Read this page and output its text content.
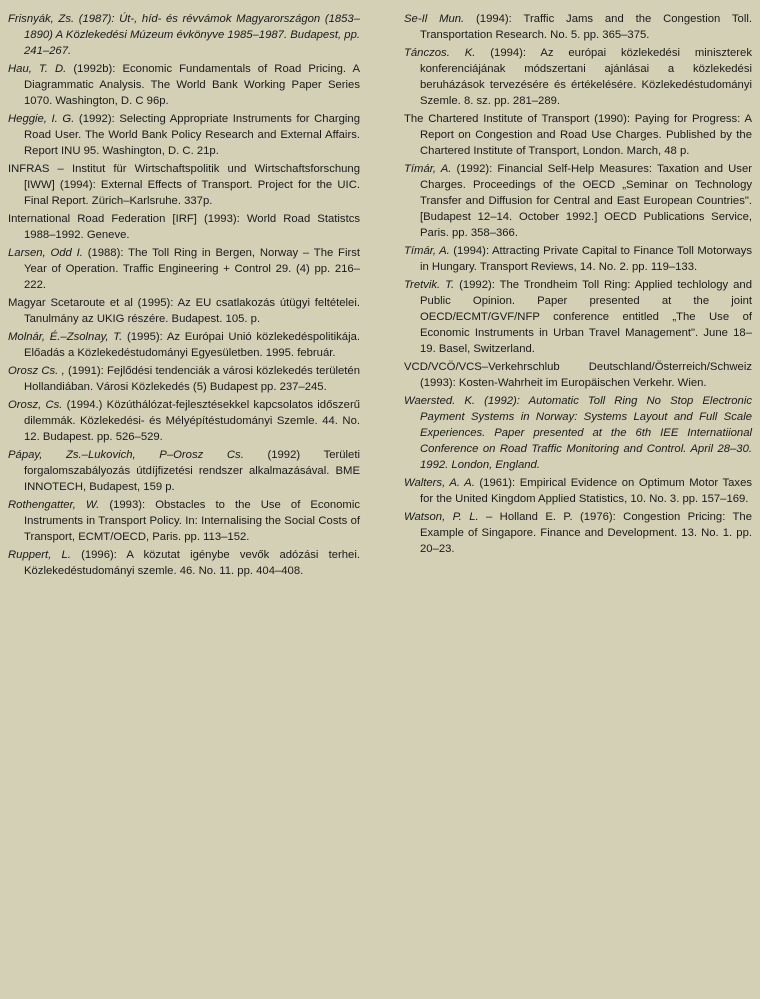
Frisnyák, Zs. (1987): Út-, híd- és révvámok Magyarországon (1853–1890) A Közlekedési Múzeum évkönyve 1985–1987. Budapest, pp. 241–267.

Hau, T. D. (1992b): Economic Fundamentals of Road Pricing. A Diagrammatic Analysis. The World Bank Working Paper Series 1070. Washington, D. C 96p.

Heggie, I. G. (1992): Selecting Appropriate Instruments for Charging Road User. The World Bank Policy Research and External Affairs. Report INU 95. Washington, D. C. 21p.

INFRAS – Institut für Wirtschaftspolitik und Wirtschaftsforschung [IWW] (1994): External Effects of Transport. Project for the UIC. Final Report. Zürich–Karlsruhe. 337p.

International Road Federation [IRF] (1993): World Road Statistcs 1988–1992. Geneve.

Larsen, Odd I. (1988): The Toll Ring in Bergen, Norway – The First Year of Operation. Traffic Engineering + Control 29. (4) pp. 216–222.

Magyar Scetaroute et al (1995): Az EU csatlakozás útügyi feltételei. Tanulmány az UKIG részére. Budapest. 105. p.

Molnár, É.–Zsolnay, T. (1995): Az Európai Unió közlekedéspolitikája. Előadás a Közlekedéstudományi Egyesületben. 1995. február.

Orosz Cs. , (1991): Fejlődési tendenciák a városi közlekedés területén Hollandiában. Városi Közlekedés (5) Budapest pp. 237–245.

Orosz, Cs. (1994.) Közúthálózat-fejlesztésekkel kapcsolatos időszerű dilemmák. Közlekedési- és Mélyépítéstudományi Szemle. 44. No. 12. Budapest. pp. 526–529.

Pápay, Zs.–Lukovich, P–Orosz Cs. (1992) Területi forgalomszabályozás útdíjfizetési rendszer alkalmazásával. BME INNOTECH, Budapest, 159 p.

Rothengatter, W. (1993): Obstacles to the Use of Economic Instruments in Transport Policy. In: Internalising the Social Costs of Transport, ECMT/OECD, Paris. pp. 113–152.

Ruppert, L. (1996): A közutat igénybe vevők adózási terhei. Közlekedéstudományi szemle. 46. No. 11. pp. 404–408.

Se-Il Mun. (1994): Traffic Jams and the Congestion Toll. Transportation Research. No. 5. pp. 365–375.

Tánczos. K. (1994): Az európai közlekedési miniszterek konferenciájának módszertani ajánlásai a közlekedési beruházások tervezésére és értékelésére. Közlekedéstudományi Szemle. 8. sz. pp. 281–289.

The Chartered Institute of Transport (1990): Paying for Progress: A Report on Congestion and Road Use Charges. Published by the Chartered Institute of Transport, London. March, 48 p.

Tímár, A. (1992): Financial Self-Help Measures: Taxation and User Charges. Proceedings of the OECD „Seminar on Technology Transfer and Diffusion for Central and East European Countries". [Budapest 12–14. October 1992.] OECD Publications Service, Paris. pp. 358–366.

Tímár, A. (1994): Attracting Private Capital to Finance Toll Motorways in Hungary. Transport Reviews, 14. No. 2. pp. 119–133.

Tretvik. T. (1992): The Trondheim Toll Ring: Applied techlology and Public Opinion. Paper presented at the joint OECD/ECMT/GVF/NFP conference entitled „The Use of Economic Instruments in Urban Travel Management". June 18–19. Basel, Switzerland.

VCD/VCÖ/VCS–Verkehrschlub Deutschland/Österreich/Schweiz (1993): Kosten-Wahrheit im Europäischen Verkehr. Wien.

Waersted. K. (1992): Automatic Toll Ring No Stop Electronic Payment Systems in Norway: Systems Layout and Full Scale Experiences. Paper presented at the 6th IEE Internatiional Conference on Road Traffic Monitoring and Control. April 28–30. 1992. London, England.

Walters, A. A. (1961): Empirical Evidence on Optimum Motor Taxes for the United Kingdom Applied Statistics, 10. No. 3. pp. 157–169.

Watson, P. L. – Holland E. P. (1976): Congestion Pricing: The Example of Singapore. Finance and Development. 13. No. 1. pp. 20–23.
